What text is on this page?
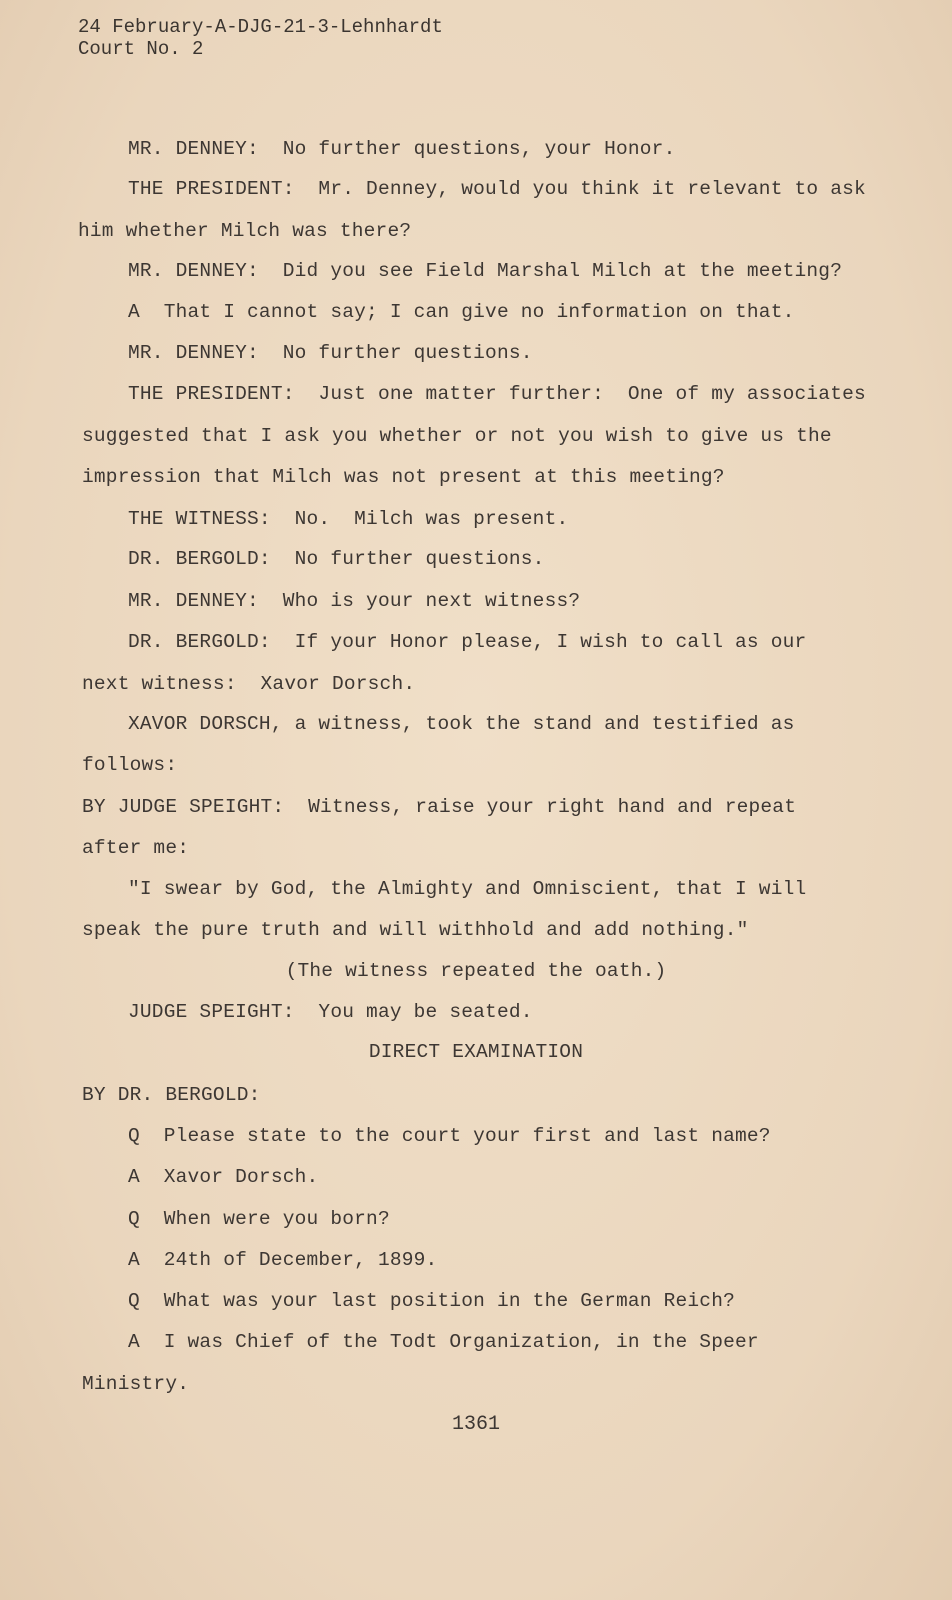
24 February-A-DJG-21-3-Lehnhardt
Court No. 2
MR. DENNEY:  No further questions, your Honor.
THE PRESIDENT:  Mr. Denney, would you think it relevant to ask
him whether Milch was there?
MR. DENNEY:  Did you see Field Marshal Milch at the meeting?
A  That I cannot say; I can give no information on that.
MR. DENNEY:  No further questions.
THE PRESIDENT:  Just one matter further:  One of my associates
suggested that I ask you whether or not you wish to give us the
impression that Milch was not present at this meeting?
THE WITNESS:  No.  Milch was present.
DR. BERGOLD:  No further questions.
MR. DENNEY:  Who is your next witness?
DR. BERGOLD:  If your Honor please, I wish to call as our
next witness:  Xavor Dorsch.
XAVOR DORSCH, a witness, took the stand and testified as
follows:
BY JUDGE SPEIGHT:  Witness, raise your right hand and repeat
after me:
"I swear by God, the Almighty and Omniscient, that I will
speak the pure truth and will withhold and add nothing."
(The witness repeated the oath.)
JUDGE SPEIGHT:  You may be seated.
DIRECT EXAMINATION
BY DR. BERGOLD:
Q  Please state to the court your first and last name?
A  Xavor Dorsch.
Q  When were you born?
A  24th of December, 1899.
Q  What was your last position in the German Reich?
A  I was Chief of the Todt Organization, in the Speer
Ministry.
1361
